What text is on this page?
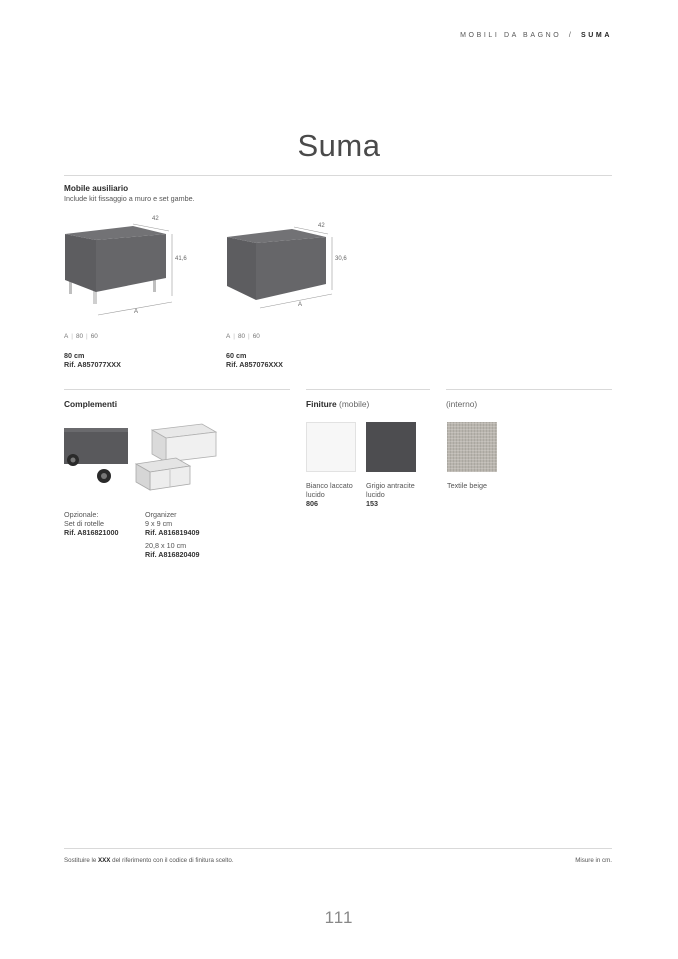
MOBILI DA BAGNO / SUMA
Suma
Mobile ausiliario
Include kit fissaggio a muro e set gambe.
42
41,6
A
42
30,6
A
A | 80 | 60	A | 80 | 60
80 cm
Rif. A857077XXX
60 cm
Rif. A857076XXX
Complementi
Opzionale:
Set di rotelle
Rif. A816821000
Organizer
9 x 9 cm
Rif. A816819409
20,8 x 10 cm
Rif. A816820409
Finiture (mobile)	(interno)
Bianco laccato
lucido
806
Grigio antracite
lucido
153
Textile beige
Sostituire le XXX del riferimento con il codice di finitura scelto.	Misure in cm.
111
